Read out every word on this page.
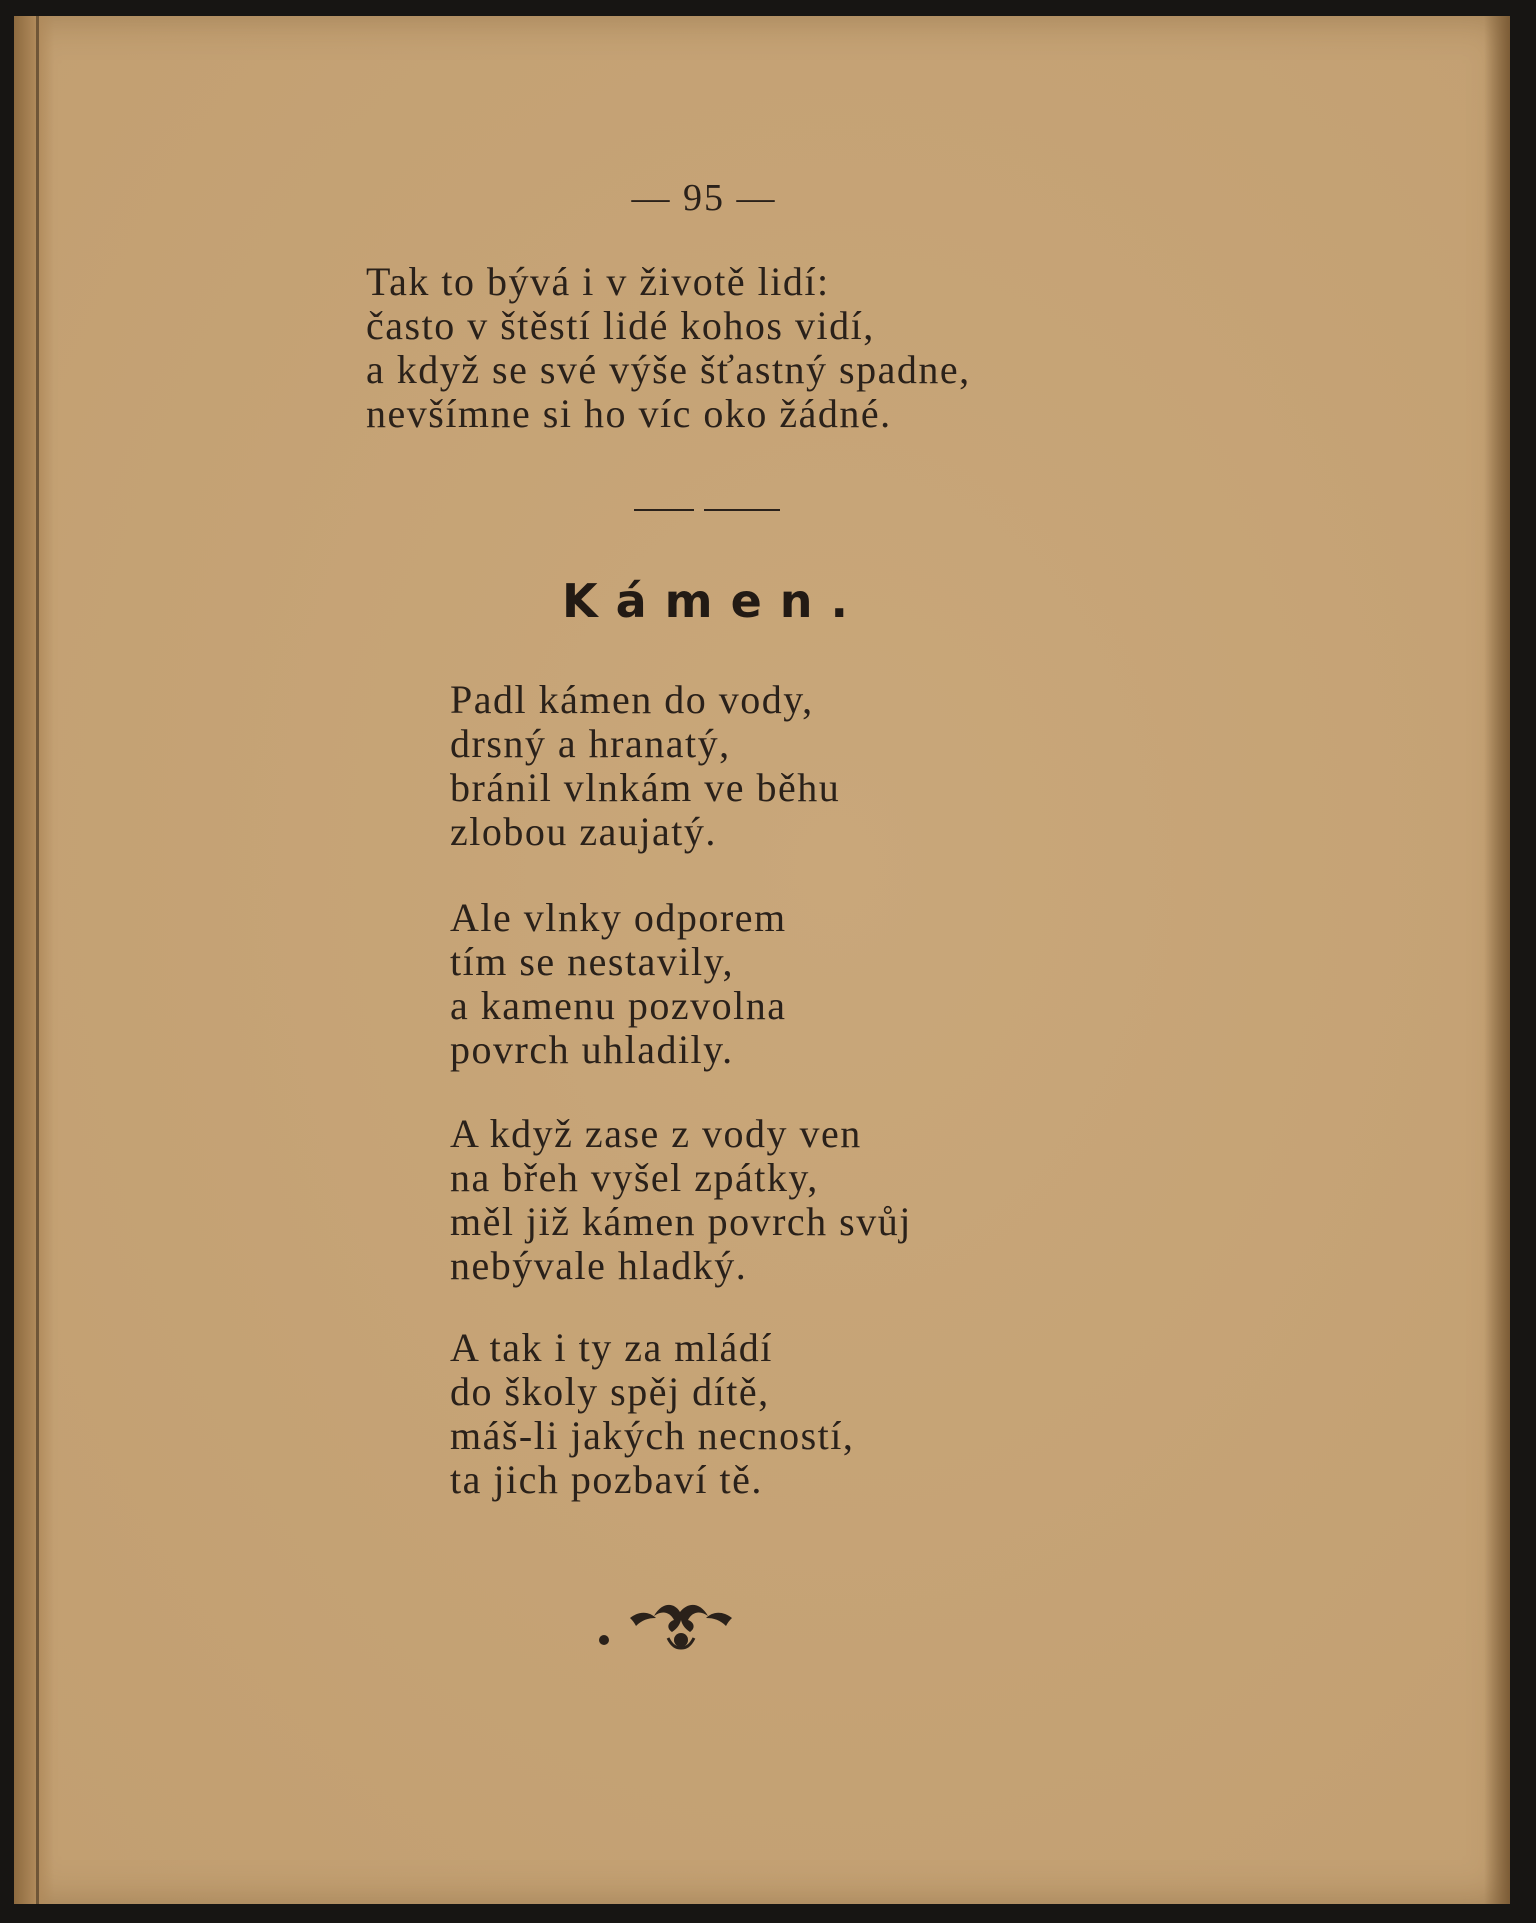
— 95 —
Tak to bývá i v životě lidí:
často v štěstí lidé kohos vidí,
a když se své výše šťastný spadne,
nevšímne si ho víc oko žádné.
Kámen.
Padl kámen do vody,
drsný a hranatý,
bránil vlnkám ve běhu
zlobou zaujatý.
Ale vlnky odporem
tím se nestavily,
a kamenu pozvolna
povrch uhladily.
A když zase z vody ven
na břeh vyšel zpátky,
měl již kámen povrch svůj
nebývale hladký.
A tak i ty za mládí
do školy spěj dítě,
máš-li jakých necností,
ta jich pozbaví tě.
